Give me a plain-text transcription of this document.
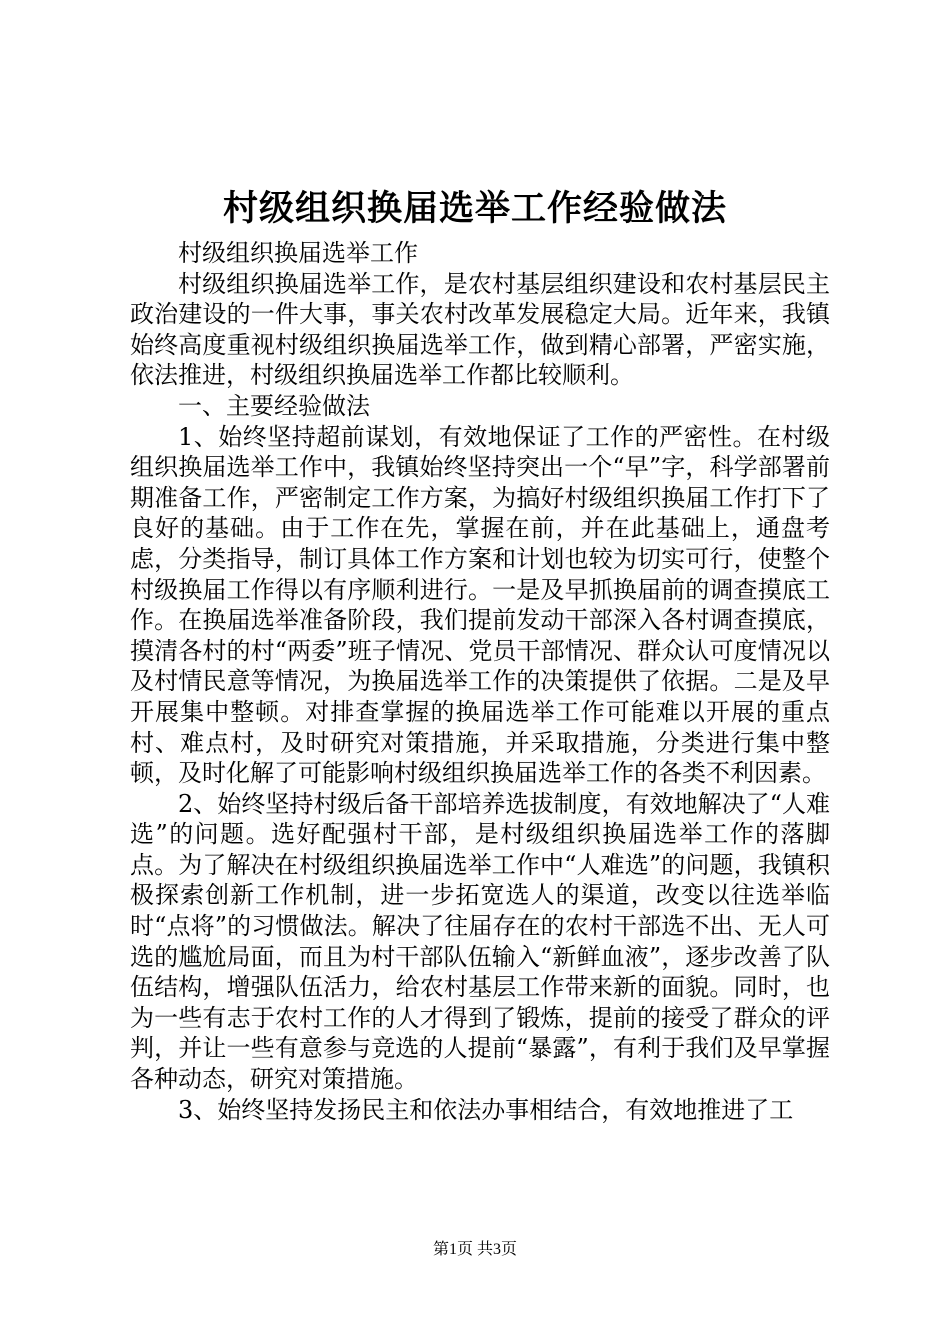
村级组织换届选举工作经验做法

村级组织换届选举工作

村级组织换届选举工作，是农村基层组织建设和农村基层民主政治建设的一件大事，事关农村改革发展稳定大局。近年来，我镇始终高度重视村级组织换届选举工作，做到精心部署，严密实施，依法推进，村级组织换届选举工作都比较顺利。

一、主要经验做法

1、始终坚持超前谋划，有效地保证了工作的严密性。在村级组织换届选举工作中，我镇始终坚持突出一个“早”字，科学部署前期准备工作，严密制定工作方案，为搞好村级组织换届工作打下了良好的基础。由于工作在先，掌握在前，并在此基础上，通盘考虑，分类指导，制订具体工作方案和计划也较为切实可行，使整个村级换届工作得以有序顺利进行。一是及早抓换届前的调查摸底工作。在换届选举准备阶段，我们提前发动干部深入各村调查摸底，摸清各村的村“两委”班子情况、党员干部情况、群众认可度情况以及村情民意等情况，为换届选举工作的决策提供了依据。二是及早开展集中整顿。对排查掌握的换届选举工作可能难以开展的重点村、难点村，及时研究对策措施，并采取措施，分类进行集中整顿，及时化解了可能影响村级组织换届选举工作的各类不利因素。

2、始终坚持村级后备干部培养选拔制度，有效地解决了“人难选”的问题。选好配强村干部，是村级组织换届选举工作的落脚点。为了解决在村级组织换届选举工作中“人难选”的问题，我镇积极探索创新工作机制，进一步拓宽选人的渠道，改变以往选举临时“点将”的习惯做法。解决了往届存在的农村干部选不出、无人可选的尴尬局面，而且为村干部队伍输入“新鲜血液”，逐步改善了队伍结构，增强队伍活力，给农村基层工作带来新的面貌。同时，也为一些有志于农村工作的人才得到了锻炼，提前的接受了群众的评判，并让一些有意参与竞选的人提前“暴露”，有利于我们及早掌握各种动态，研究对策措施。

3、始终坚持发扬民主和依法办事相结合，有效地推进了工

第1页 共3页
